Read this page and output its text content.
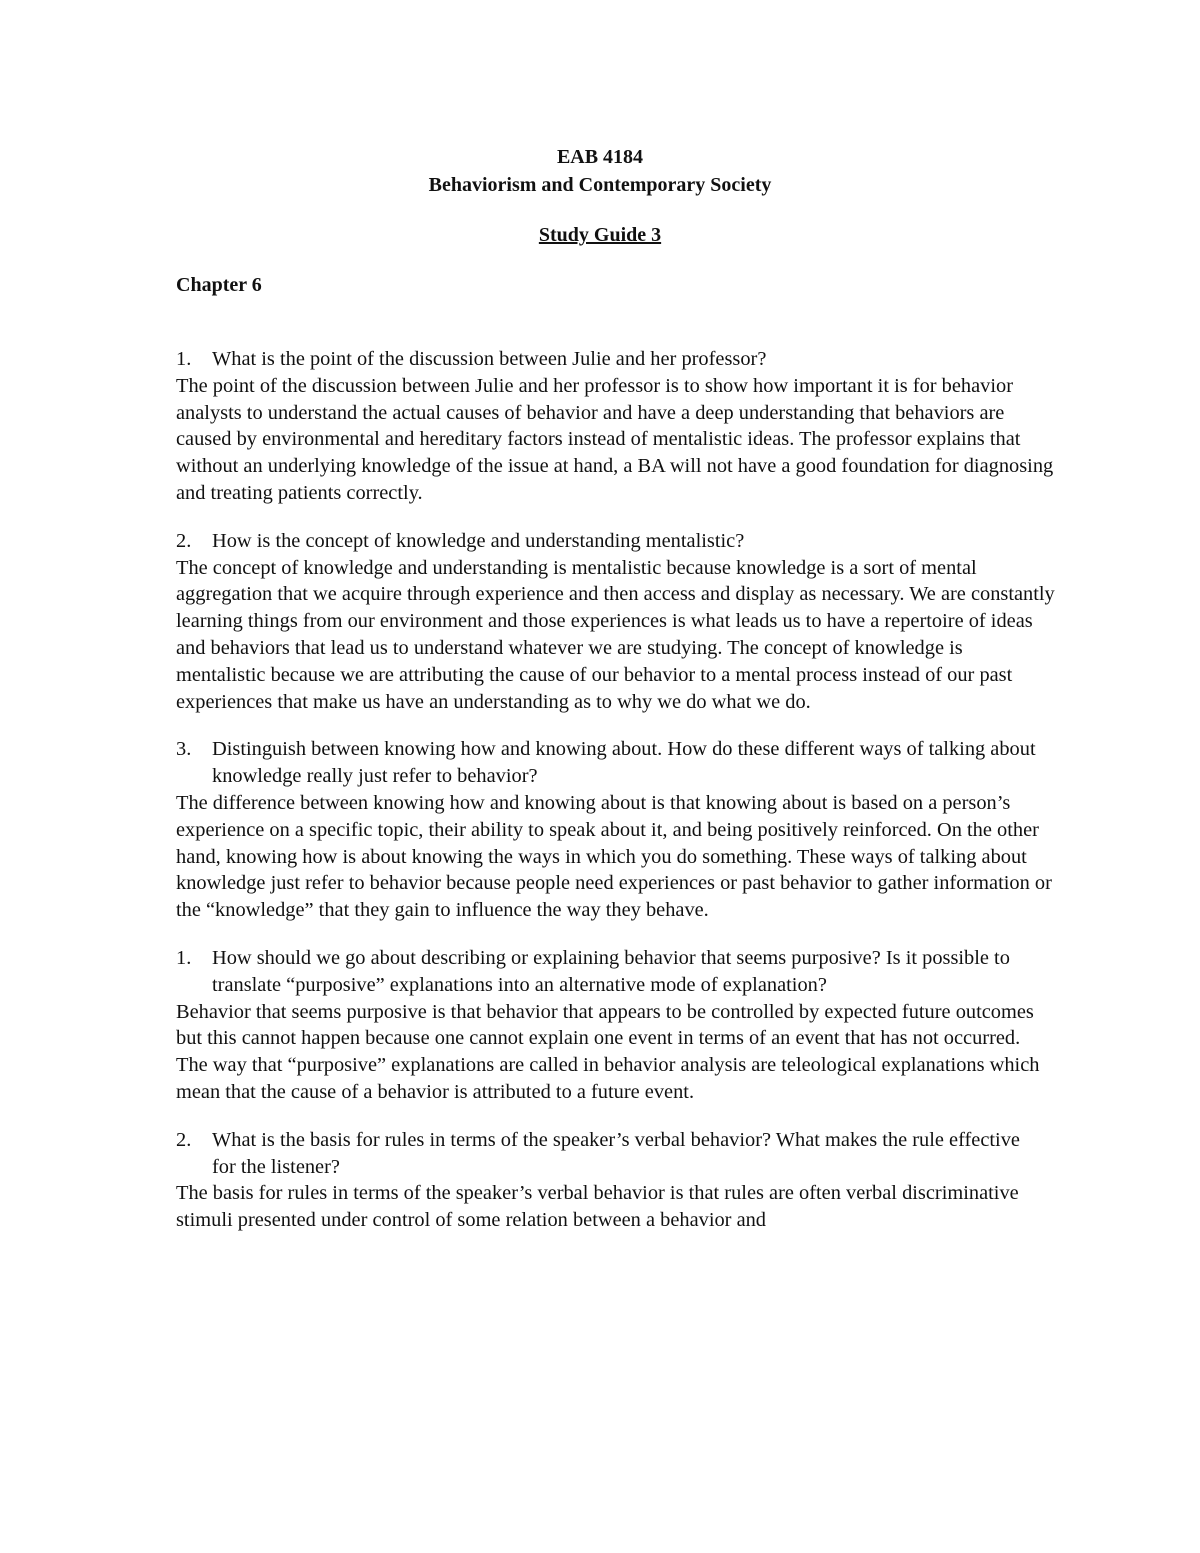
EAB 4184
Behaviorism and Contemporary Society
Study Guide 3
Chapter 6
1.	What is the point of the discussion between Julie and her professor?

The point of the discussion between Julie and her professor is to show how important it is for behavior analysts to understand the actual causes of behavior and have a deep understanding that behaviors are caused by environmental and hereditary factors instead of mentalistic ideas. The professor explains that without an underlying knowledge of the issue at hand, a BA will not have a good foundation for diagnosing and treating patients correctly.

2.	How is the concept of knowledge and understanding mentalistic?

The concept of knowledge and understanding is mentalistic because knowledge is a sort of mental aggregation that we acquire through experience and then access and display as necessary. We are constantly learning things from our environment and those experiences is what leads us to have a repertoire of ideas and behaviors that lead us to understand whatever we are studying. The concept of knowledge is mentalistic because we are attributing the cause of our behavior to a mental process instead of our past experiences that make us have an understanding as to why we do what we do.

3.	Distinguish between knowing how and knowing about. How do these different ways of talking about knowledge really just refer to behavior?

The difference between knowing how and knowing about is that knowing about is based on a person’s experience on a specific topic, their ability to speak about it, and being positively reinforced. On the other hand, knowing how is about knowing the ways in which you do something. These ways of talking about knowledge just refer to behavior because people need experiences or past behavior to gather information or the “knowledge” that they gain to influence the way they behave.

1.	How should we go about describing or explaining behavior that seems purposive? Is it possible to translate “purposive” explanations into an alternative mode of explanation?

Behavior that seems purposive is that behavior that appears to be controlled by expected future outcomes but this cannot happen because one cannot explain one event in terms of an event that has not occurred. The way that “purposive” explanations are called in behavior analysis are teleological explanations which mean that the cause of a behavior is attributed to a future event.

2.	What is the basis for rules in terms of the speaker’s verbal behavior? What makes the rule effective for the listener?

The basis for rules in terms of the speaker’s verbal behavior is that rules are often verbal discriminative stimuli presented under control of some relation between a behavior and
